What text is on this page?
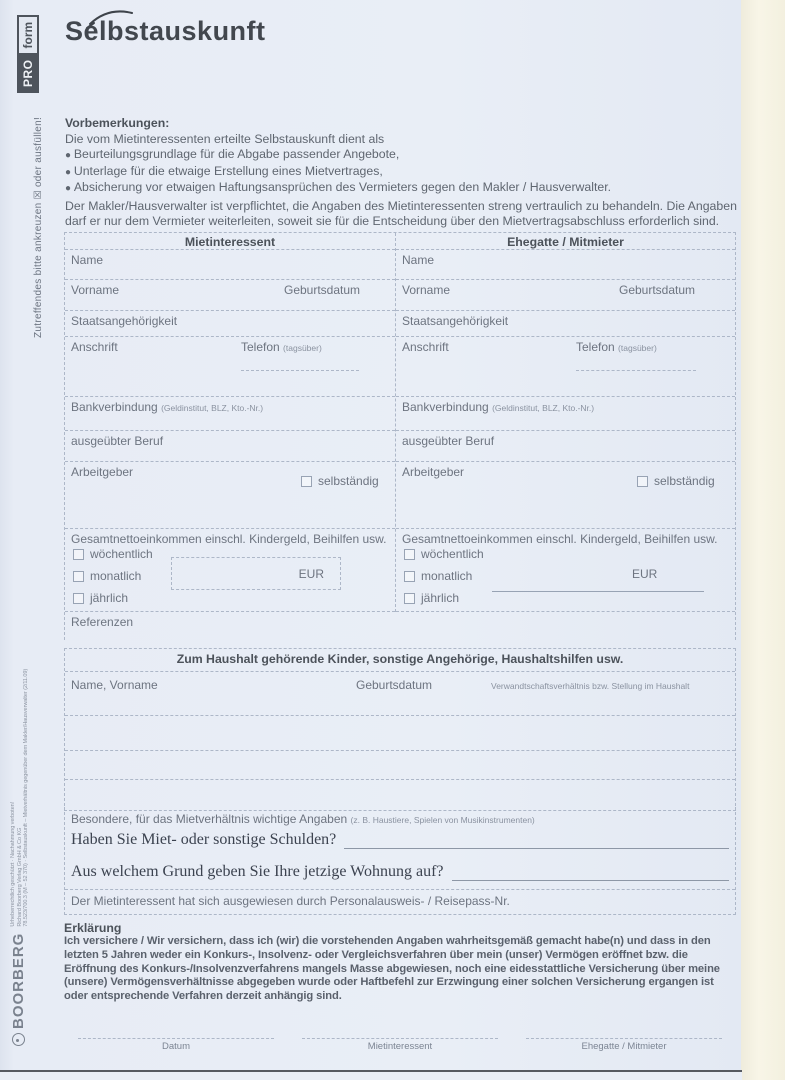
PRO
form
Zutreffendes bitte ankreuzen ☒ oder ausfüllen!
BOORBERG
Urheberrechtlich geschützt · Nachahmung verboten! Richard Boorberg Verlag GmbH & Co KG 78.523/700.3 (M – 52 370) · Selbstauskunft – Mietverhältnis gegenüber dem Makler/Hausverwalter (2/11.09)
Selbstauskunft
Vorbemerkungen:
Die vom Mietinteressenten erteilte Selbstauskunft dient als
● Beurteilungsgrundlage für die Abgabe passender Angebote,
● Unterlage für die etwaige Erstellung eines Mietvertrages,
● Absicherung vor etwaigen Haftungsansprüchen des Vermieters gegen den Makler / Hausverwalter.
Der Makler/Hausverwalter ist verpflichtet, die Angaben des Mietinteressenten streng vertraulich zu behandeln. Die Angaben darf er nur dem Vermieter weiterleiten, soweit sie für die Entscheidung über den Mietvertragsabschluss erforderlich sind.
Mietinteressent
Name
Vorname	Geburtsdatum
Staatsangehörigkeit
Anschrift	Telefon (tagsüber)
Bankverbindung (Geldinstitut, BLZ, Kto.-Nr.)
ausgeübter Beruf
Arbeitgeber
selbständig
Gesamtnettoeinkommen einschl. Kindergeld, Beihilfen usw.
wöchentlich
monatlich
jährlich
EUR
Ehegatte / Mitmieter
Name
Vorname	Geburtsdatum
Staatsangehörigkeit
Anschrift	Telefon (tagsüber)
Bankverbindung (Geldinstitut, BLZ, Kto.-Nr.)
ausgeübter Beruf
Arbeitgeber
selbständig
Gesamtnettoeinkommen einschl. Kindergeld, Beihilfen usw.
wöchentlich
monatlich
jährlich
EUR
Referenzen
Zum Haushalt gehörende Kinder, sonstige Angehörige, Haushaltshilfen usw.
Name, Vorname	Geburtsdatum	Verwandtschaftsverhältnis bzw. Stellung im Haushalt
Besondere, für das Mietverhältnis wichtige Angaben (z. B. Haustiere, Spielen von Musikinstrumenten)
Haben Sie Miet- oder sonstige Schulden?
Aus welchem Grund geben Sie Ihre jetzige Wohnung auf?
Der Mietinteressent hat sich ausgewiesen durch Personalausweis- / Reisepass-Nr.
Erklärung
Ich versichere / Wir versichern, dass ich (wir) die vorstehenden Angaben wahrheitsgemäß gemacht habe(n) und dass in den letzten 5 Jahren weder ein Konkurs-, Insolvenz- oder Vergleichsverfahren über mein (unser) Vermögen eröffnet bzw. die Eröffnung des Konkurs-/Insolvenzverfahrens mangels Masse abgewiesen, noch eine eidesstattliche Versicherung über meine (unsere) Vermögensverhältnisse abgegeben wurde oder Haftbefehl zur Erzwingung einer solchen Versicherung ergangen ist oder entsprechende Verfahren derzeit anhängig sind.
Datum	Mietinteressent	Ehegatte / Mitmieter
